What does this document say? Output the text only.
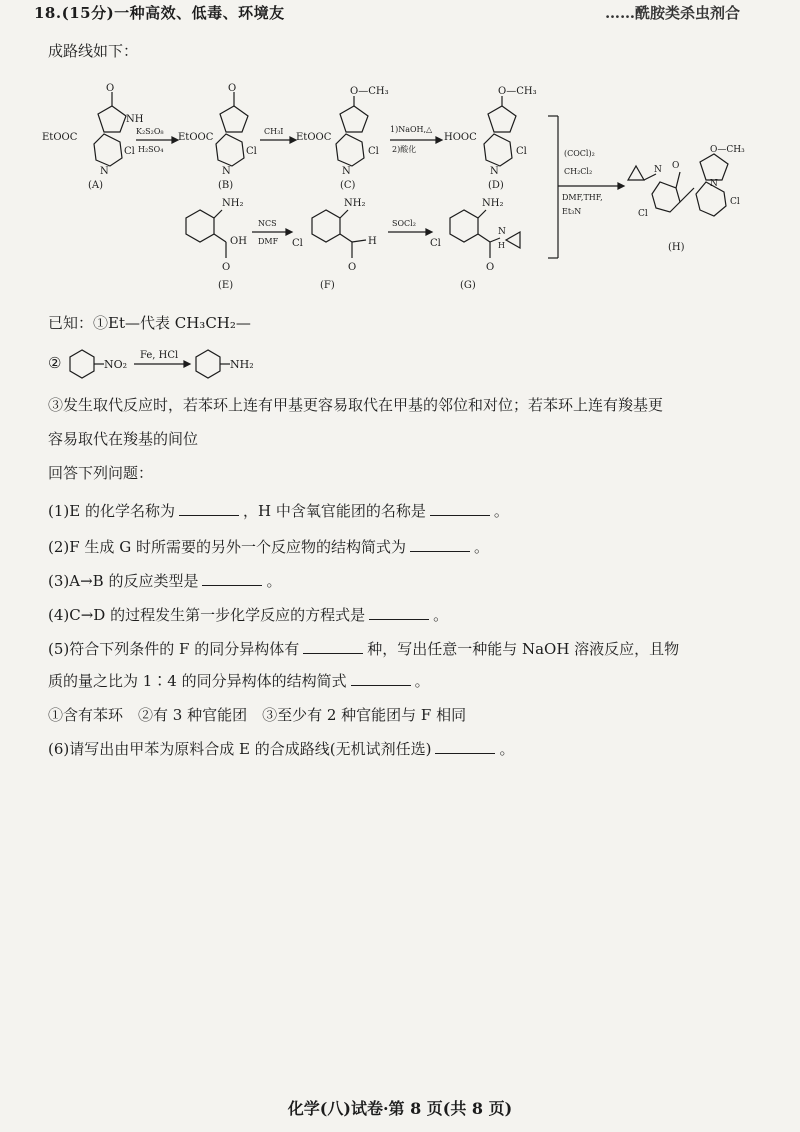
18.(15分)一种高效、低毒、环境友	……酰胺类杀虫剂合
成路线如下：
O
NH
EtOOC
N
Cl
(A)
K₂S₂O₈
H₂SO₄
O
EtOOC
N
Cl
(B)
CH₃I
O—CH₃
EtOOC
N
Cl
(C)
1)NaOH,△
2)酸化
O—CH₃
HOOC
N
Cl
(D)
(COCl)₂
CH₂Cl₂
DMF,THF,
Et₃N
N O
O—CH₃
N
Cl
Cl
(H)
NH₂
OH
O
(E)
NCS
DMF
NH₂
Cl
O
H
(F)
SOCl₂
NH₂
Cl
O
N
H
(G)
已知：①Et—代表 CH₃CH₂—
②	NO₂
Fe, HCl
NH₂
③发生取代反应时，若苯环上连有甲基更容易取代在甲基的邻位和对位；若苯环上连有羧基更
容易取代在羧基的间位
回答下列问题：
(1)E 的化学名称为	，H 中含氧官能团的名称是	。
(2)F 生成 G 时所需要的另外一个反应物的结构简式为	。
(3)A→B 的反应类型是	。
(4)C→D 的过程发生第一步化学反应的方程式是	。
(5)符合下列条件的 F 的同分异构体有	种，写出任意一种能与 NaOH 溶液反应，且物
质的量之比为 1∶4 的同分异构体的结构简式	。
①含有苯环　②有 3 种官能团　③至少有 2 种官能团与 F 相同
(6)请写出由甲苯为原料合成 E 的合成路线(无机试剂任选)	。
化学(八)试卷·第 8 页(共 8 页)
